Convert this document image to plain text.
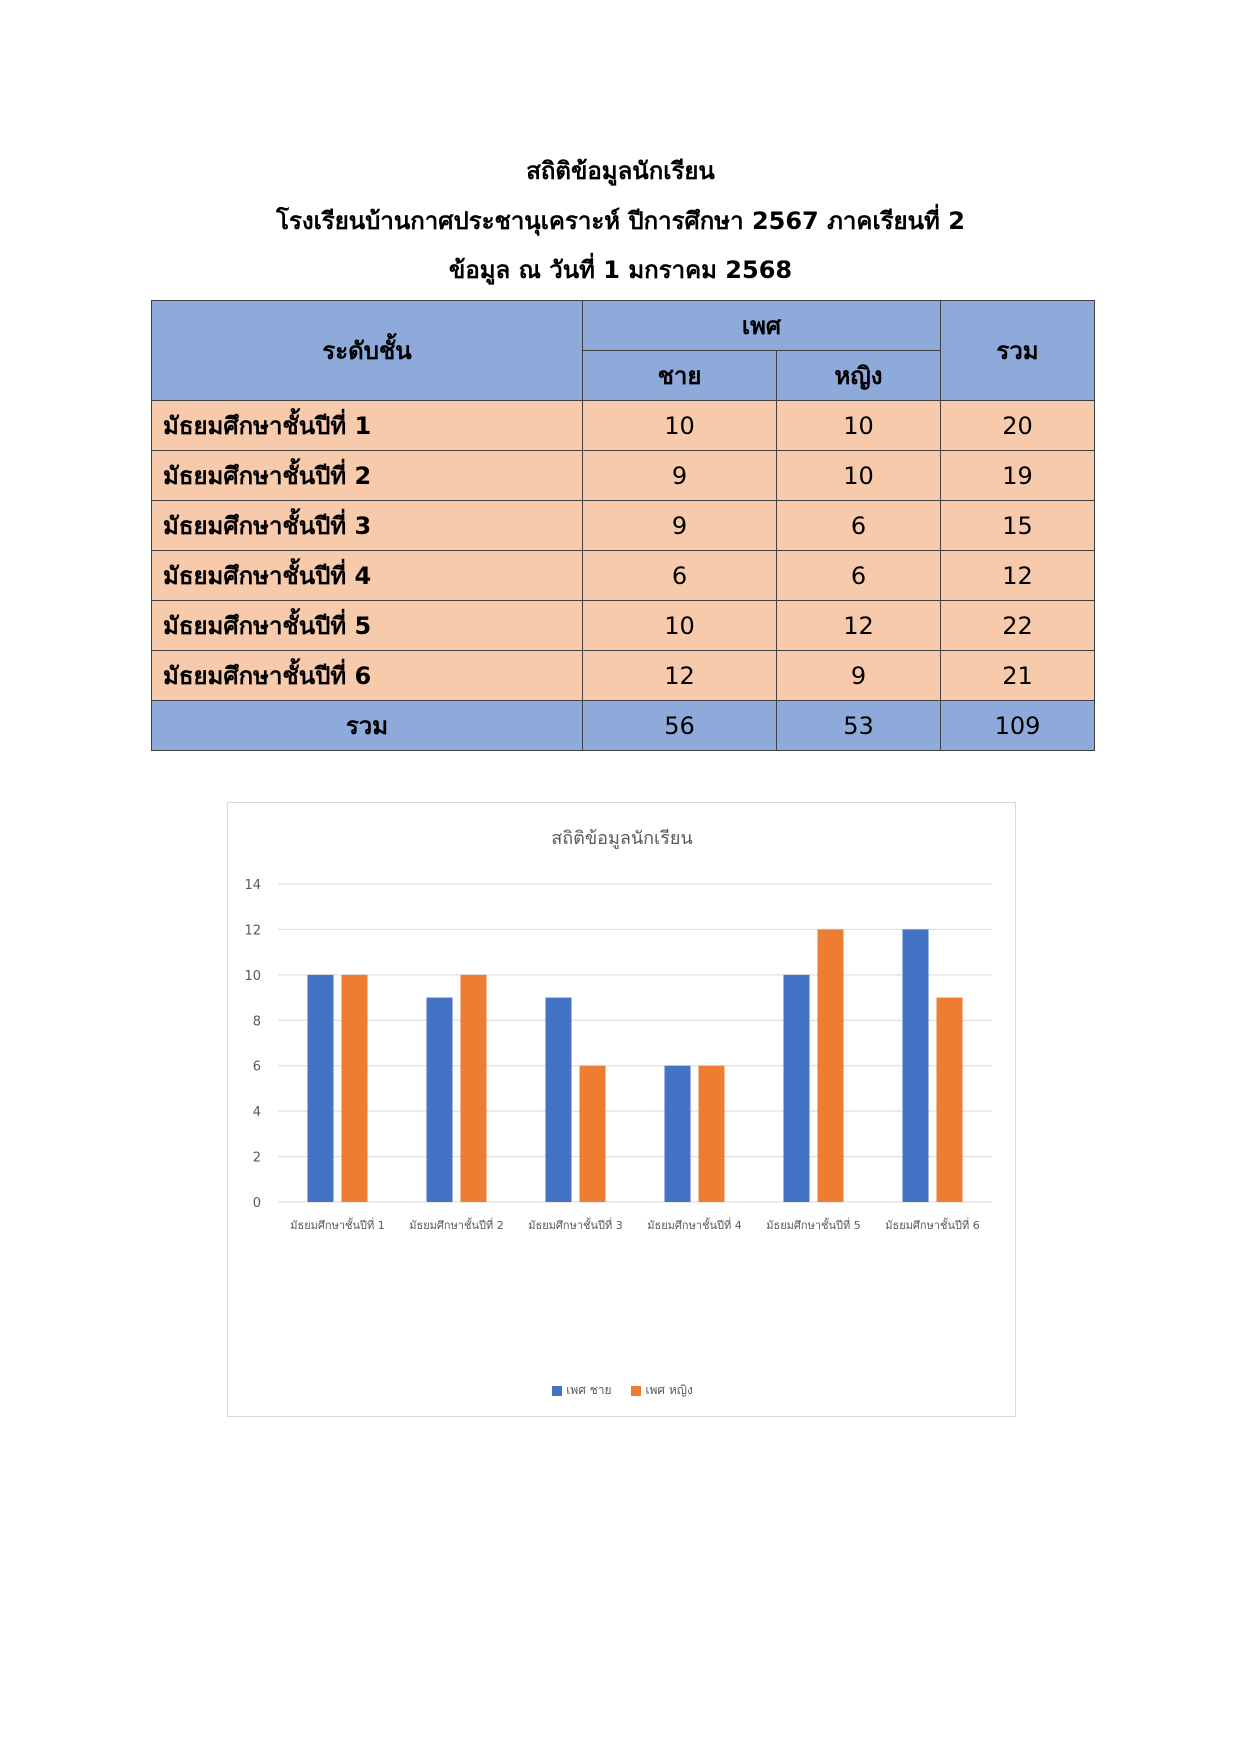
สถิติข้อมูลนักเรียน
โรงเรียนบ้านกาศประชานุเคราะห์ ปีการศึกษา 2567 ภาคเรียนที่ 2
ข้อมูล ณ วันที่ 1 มกราคม 2568
ระดับชั้น	เพศ		รวม
	ชาย	หญิง	
มัธยมศึกษาชั้นปีที่ 1	10	10	20
มัธยมศึกษาชั้นปีที่ 2	9	10	19
มัธยมศึกษาชั้นปีที่ 3	9	6	15
มัธยมศึกษาชั้นปีที่ 4	6	6	12
มัธยมศึกษาชั้นปีที่ 5	10	12	22
มัธยมศึกษาชั้นปีที่ 6	12	9	21
รวม	56	53	109
สถิติข้อมูลนักเรียน
0
2
4
6
8
10
12
14
มัธยมศึกษาชั้นปีที่ 1 มัธยมศึกษาชั้นปีที่ 2 มัธยมศึกษาชั้นปีที่ 3 มัธยมศึกษาชั้นปีที่ 4 มัธยมศึกษาชั้นปีที่ 5 มัธยมศึกษาชั้นปีที่ 6
เพศ ชาย	เพศ หญิง
